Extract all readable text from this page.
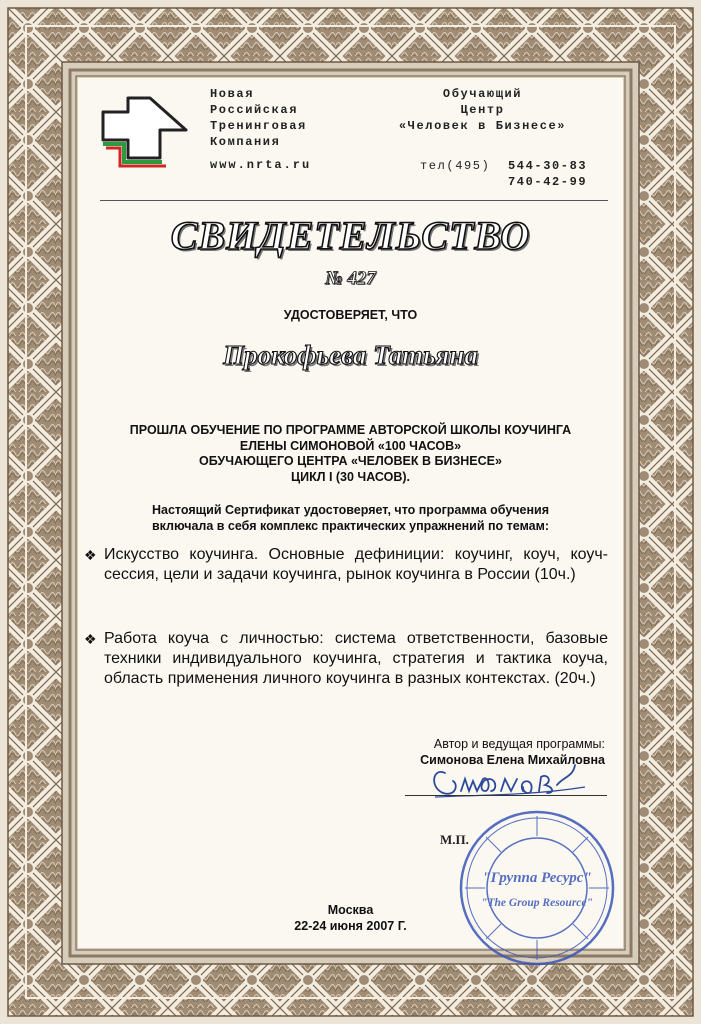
Новая
Российская
Тренинговая
Компания
Обучающий
Центр
«Человек в Бизнесе»
www.nrta.ru	тел(495) 544-30-83
740-42-99
СВИДЕТЕЛЬСТВО
№ 427
УДОСТОВЕРЯЕТ, ЧТО
Прокофьева Татьяна
ПРОШЛА ОБУЧЕНИЕ ПО ПРОГРАММЕ АВТОРСКОЙ ШКОЛЫ КОУЧИНГА
ЕЛЕНЫ СИМОНОВОЙ «100 ЧАСОВ»
ОБУЧАЮЩЕГО ЦЕНТРА «ЧЕЛОВЕК В БИЗНЕСЕ»
ЦИКЛ I (30 ЧАСОВ).
Настоящий Сертификат удостоверяет, что программа обучения
включала в себя комплекс практических упражнений по темам:
❖ Искусство коучинга. Основные дефиниции: коучинг, коуч, коуч-сессия, цели и задачи коучинга, рынок коучинга в России (10ч.)
❖ Работа коуча с личностью: система ответственности, базовые техники индивидуального коучинга, стратегия и тактика коуча, область применения личного коучинга в разных контекстах. (20ч.)
Автор и ведущая программы:
Симонова Елена Михайловна
М.П.
"Группа Ресурс"
"The Group Resource"
Москва
22-24 июня 2007 Г.
